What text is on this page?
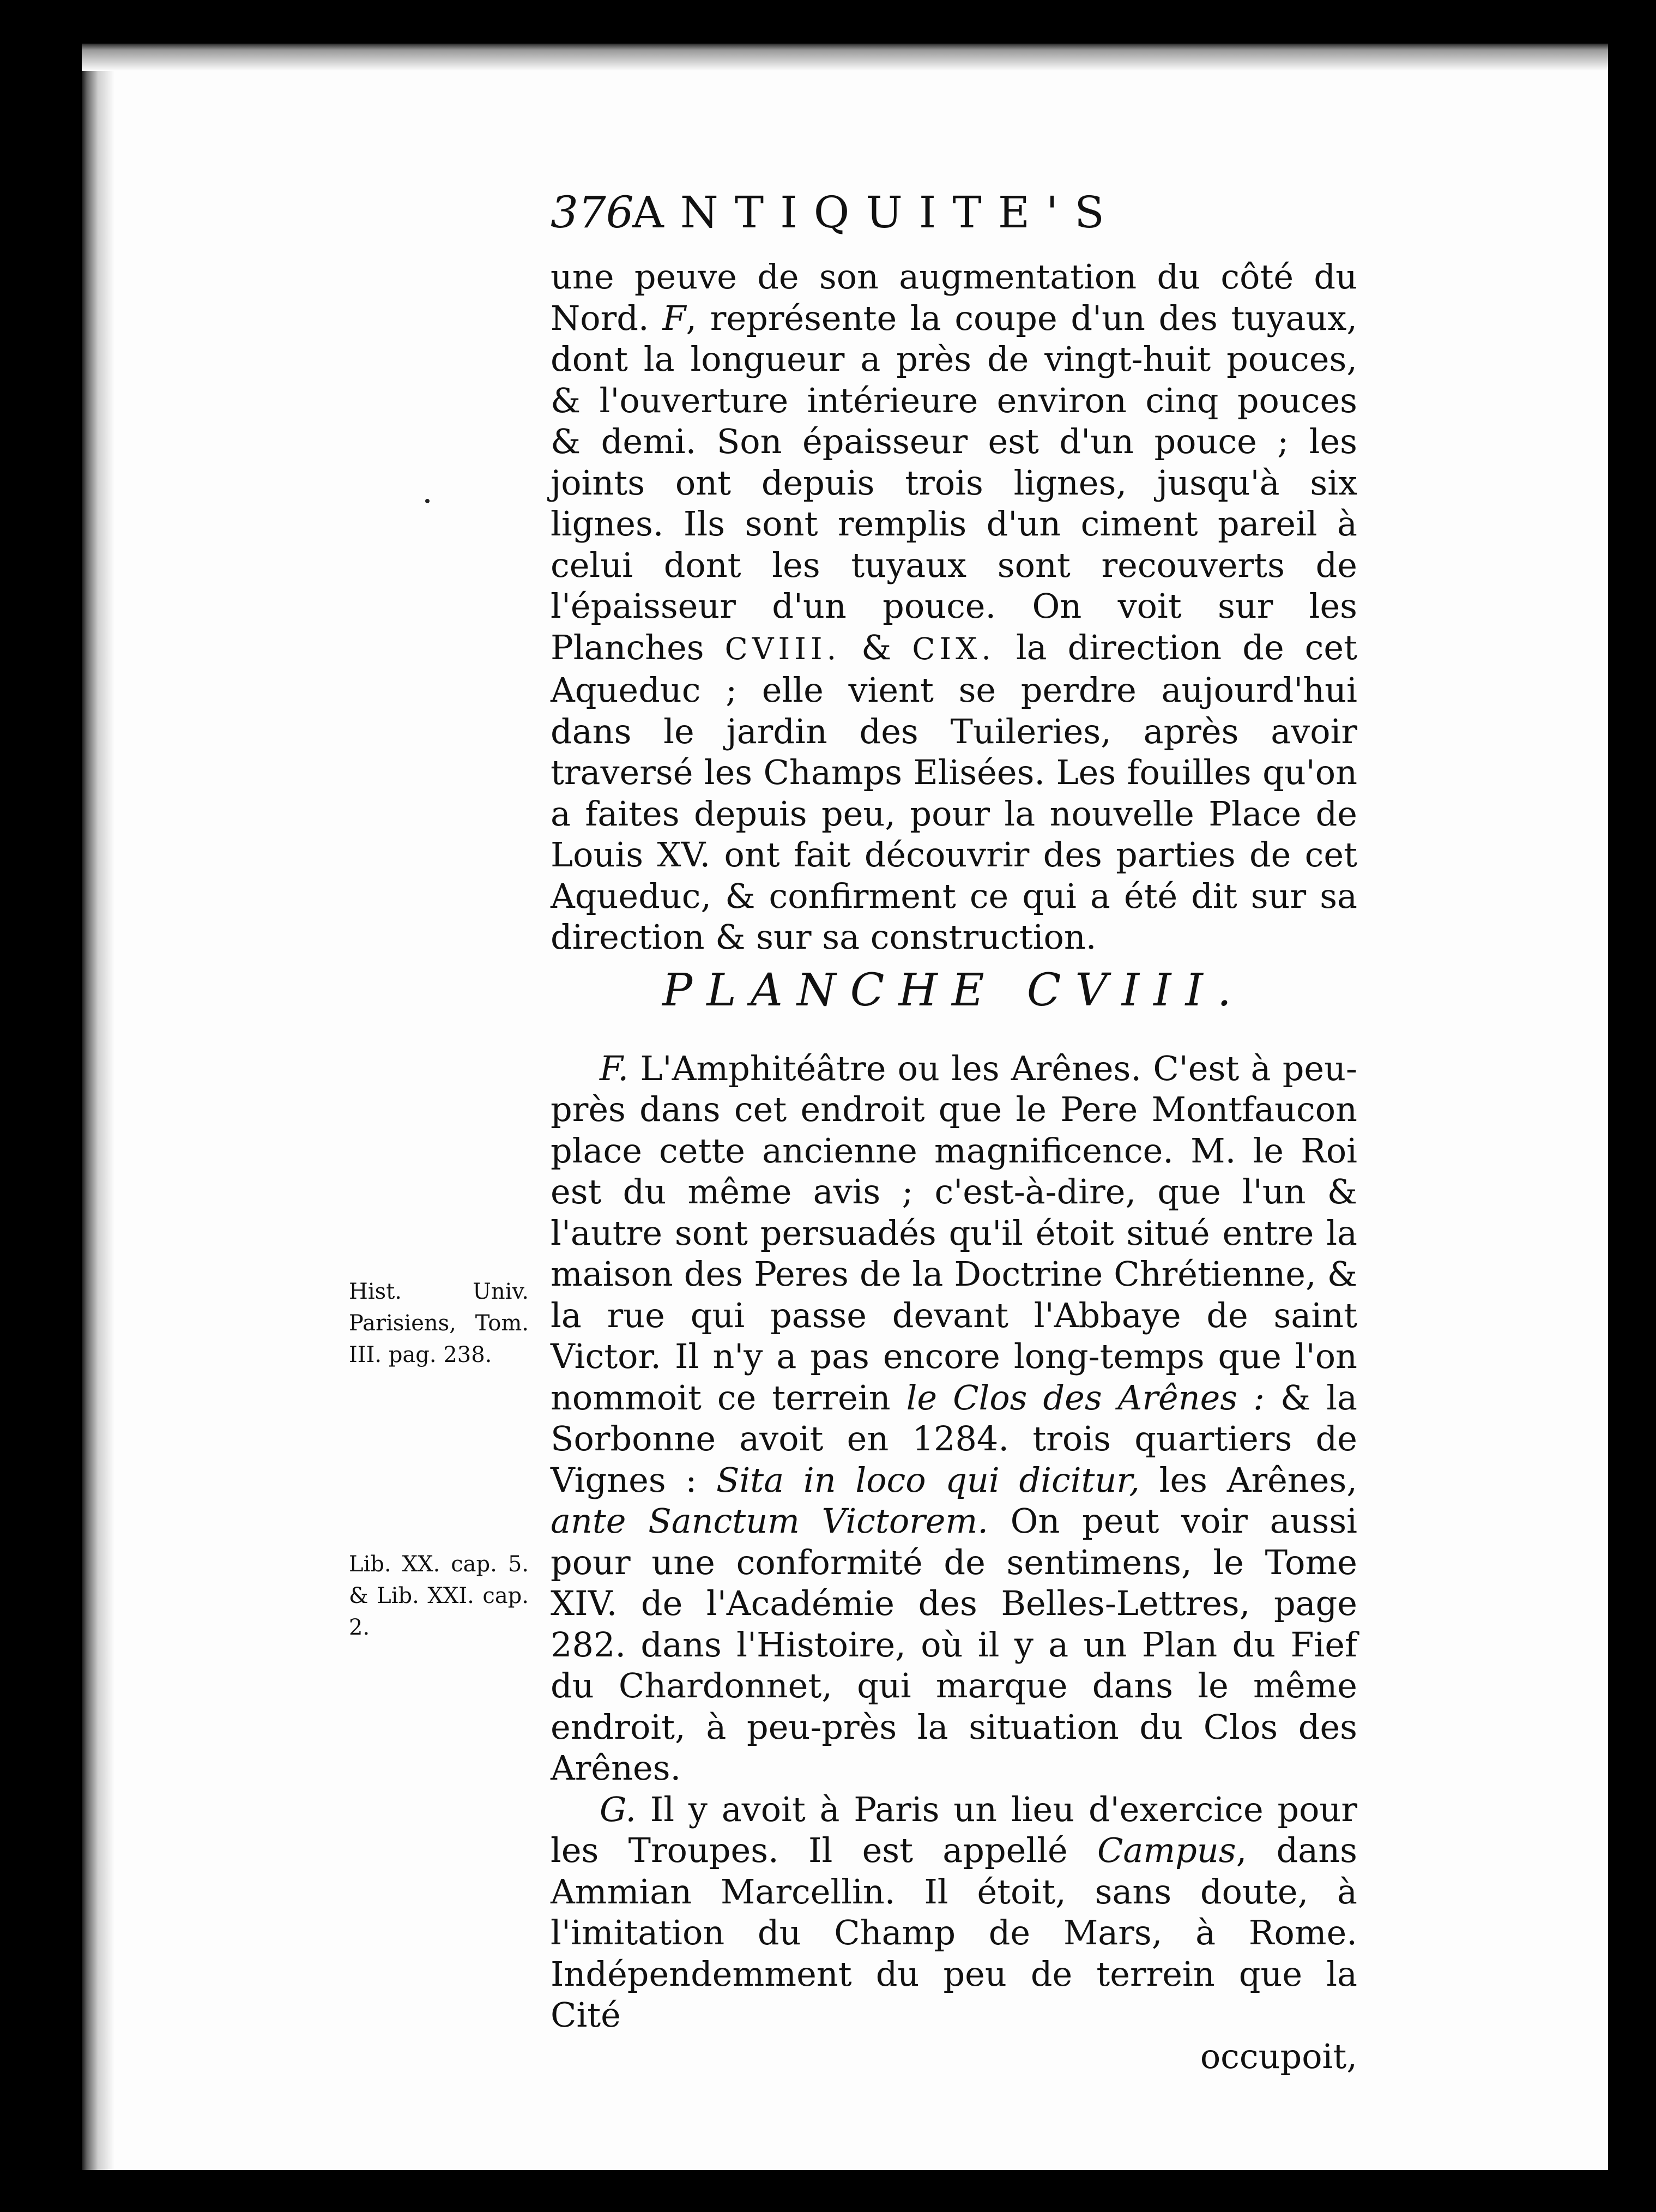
376
ANTIQUITE'S

une peuve de son augmentation du côté du Nord. F, représente la coupe d'un des tuyaux, dont la longueur a près de vingt-huit pouces, & l'ouverture intérieure environ cinq pouces & demi. Son épaisseur est d'un pouce ; les joints ont depuis trois lignes, jusqu'à six lignes. Ils sont remplis d'un ciment pareil à celui dont les tuyaux sont recouverts de l'épaisseur d'un pouce. On voit sur les Planches CVIII. & CIX. la direction de cet Aqueduc ; elle vient se perdre aujourd'hui dans le jardin des Tuileries, après avoir traversé les Champs Elisées. Les fouilles qu'on a faites depuis peu, pour la nouvelle Place de Louis XV. ont fait découvrir des parties de cet Aqueduc, & confirment ce qui a été dit sur sa direction & sur sa construction.

PLANCHE CVIII.

F. L'Amphitéâtre ou les Arênes. C'est à peu-près dans cet endroit que le Pere Montfaucon place cette ancienne magnificence. M. le Roi est du même avis ; c'est-à-dire, que l'un & l'autre sont persuadés qu'il étoit situé entre la maison des Peres de la Doctrine Chrétienne, & la rue qui passe devant l'Abbaye de saint Victor. Il n'y a pas encore long-temps que l'on nommoit ce terrein le Clos des Arênes : & la Sorbonne avoit en 1284. trois quartiers de Vignes : Sita in loco qui dicitur, les Arênes, ante Sanctum Victorem. On peut voir aussi pour une conformité de sentimens, le Tome XIV. de l'Académie des Belles-Lettres, page 282. dans l'Histoire, où il y a un Plan du Fief du Chardonnet, qui marque dans le même endroit, à peu-près la situation du Clos des Arênes.

G. Il y avoit à Paris un lieu d'exercice pour les Troupes. Il est appellé Campus, dans Ammian Marcellin. Il étoit, sans doute, à l'imitation du Champ de Mars, à Rome. Indépendemment du peu de terrein que la Cité

occupoit,

Hist. Univ. Parisiens, Tom. III. pag. 238.
Lib. XX. cap. 5. & Lib. XXI. cap. 2.
